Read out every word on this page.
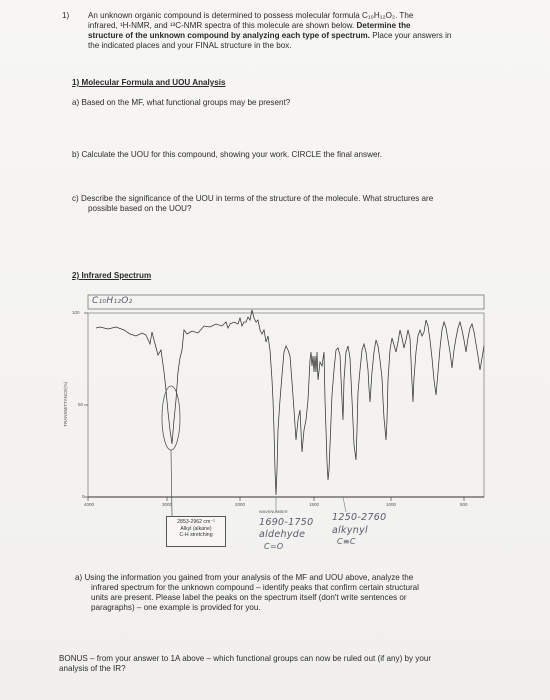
1) An unknown organic compound is determined to possess molecular formula C₁₀H₁₂O₂. The
infrared, ¹H-NMR, and ¹³C-NMR spectra of this molecule are shown below. Determine the
structure of the unknown compound by analyzing each type of spectrum. Place your answers in
the indicated places and your FINAL structure in the box.
1) Molecular Formula and UOU Analysis
a) Based on the MF, what functional groups may be present?
b) Calculate the UOU for this compound, showing your work. CIRCLE the final answer.
c) Describe the significance of the UOU in terms of the structure of the molecule. What structures are
possible based on the UOU?
2) Infrared Spectrum
C₁₀H₁₂O₂
TRANSMITTANCE(%)
100
50
0
4000	3000	2000	1500	1000	500
WAVENUMBER
2853-2962 cm⁻¹
Alkyl (alkane)
C-H stretching
1690-1750
aldehyde
C=O
1250-2760
alkynyl
C≡C
a) Using the information you gained from your analysis of the MF and UOU above, analyze the
infrared spectrum for the unknown compound – identify peaks that confirm certain structural
units are present. Please label the peaks on the spectrum itself (don't write sentences or
paragraphs) – one example is provided for you.
BONUS – from your answer to 1A above – which functional groups can now be ruled out (if any) by your
analysis of the IR?
